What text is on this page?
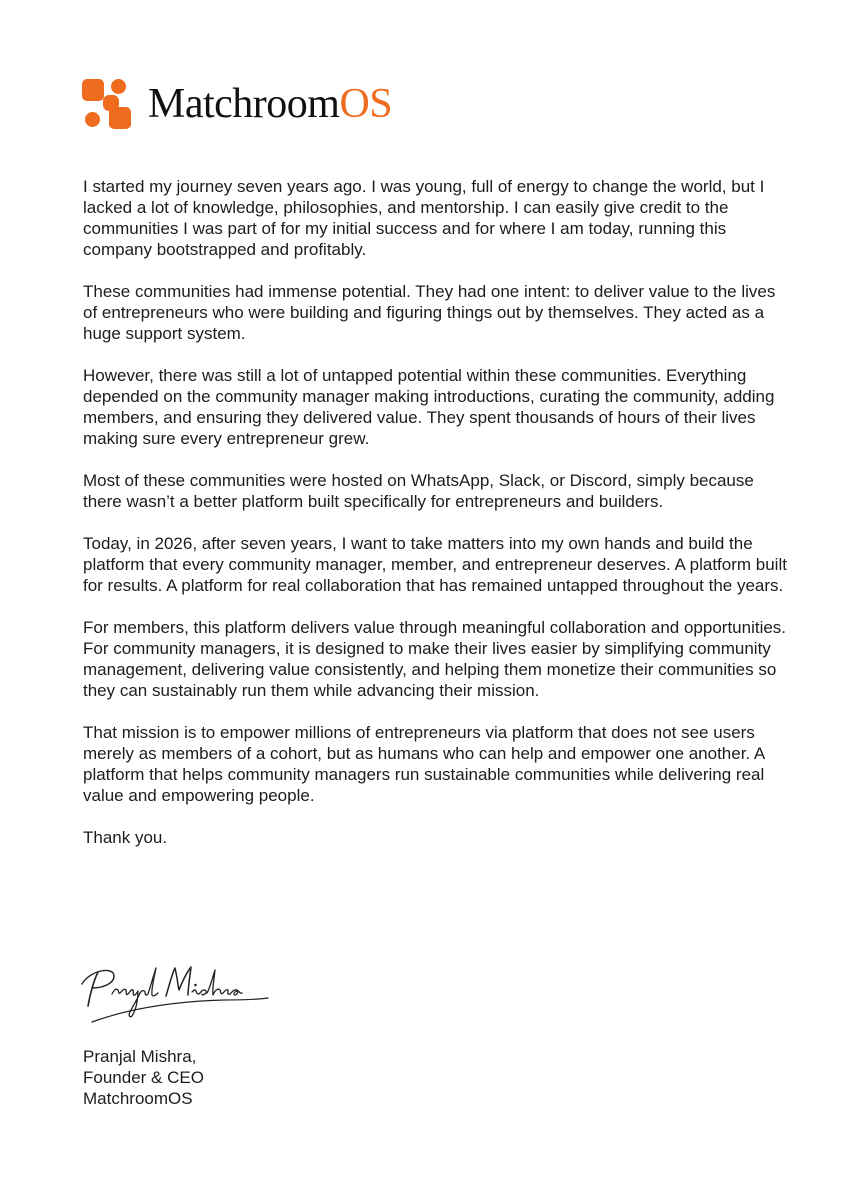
MatchroomOS

I started my journey seven years ago. I was young, full of energy to change the world, but I lacked a lot of knowledge, philosophies, and mentorship. I can easily give credit to the communities I was part of for my initial success and for where I am today, running this company bootstrapped and profitably.

These communities had immense potential. They had one intent: to deliver value to the lives of entrepreneurs who were building and figuring things out by themselves. They acted as a huge support system.

However, there was still a lot of untapped potential within these communities. Everything depended on the community manager making introductions, curating the community, adding members, and ensuring they delivered value. They spent thousands of hours of their lives making sure every entrepreneur grew.

Most of these communities were hosted on WhatsApp, Slack, or Discord, simply because there wasn’t a better platform built specifically for entrepreneurs and builders.

Today, in 2026, after seven years, I want to take matters into my own hands and build the platform that every community manager, member, and entrepreneur deserves. A platform built for results. A platform for real collaboration that has remained untapped throughout the years.

For members, this platform delivers value through meaningful collaboration and opportunities. For community managers, it is designed to make their lives easier by simplifying community management, delivering value consistently, and helping them monetize their communities so they can sustainably run them while advancing their mission.

That mission is to empower millions of entrepreneurs via platform that does not see users merely as members of a cohort, but as humans who can help and empower one another. A platform that helps community managers run sustainable communities while delivering real value and empowering people.

Thank you.

Pranjal Mishra,
Founder & CEO
MatchroomOS
